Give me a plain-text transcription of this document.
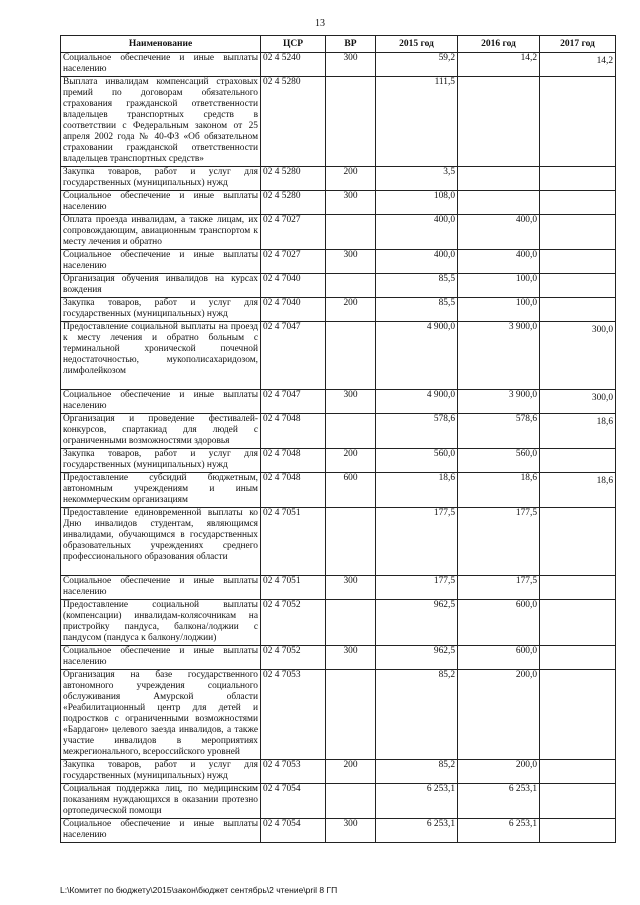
13
Наименование	ЦСР	ВР	2015 год	2016 год	2017 год
Социальное обеспечение и иные выплаты населению	02 4 5240	300	59,2	14,2	14,2

Выплата инвалидам компенсаций страховых премий по договорам обязательного страхования гражданской ответственности владельцев транспортных средств в соответствии с Федеральным законом от 25 апреля 2002 года № 40-ФЗ «Об обязательном страховании гражданской ответственности владельцев транспортных средств»	02 4 5280		111,5		

Закупка товаров, работ и услуг для государственных (муниципальных) нужд	02 4 5280	200	3,5		

Социальное обеспечение и иные выплаты населению	02 4 5280	300	108,0		

Оплата проезда инвалидам, а также лицам, их сопровождающим, авиационным транспортом к месту лечения и обратно	02 4 7027		400,0	400,0	

Социальное обеспечение и иные выплаты населению	02 4 7027	300	400,0	400,0	

Организация обучения инвалидов на курсах вождения	02 4 7040		85,5	100,0	

Закупка товаров, работ и услуг для государственных (муниципальных) нужд	02 4 7040	200	85,5	100,0	

Предоставление социальной выплаты на проезд к месту лечения и обратно больным с терминальной хронической почечной недостаточностью, мукополисахаридозом, лимфолейкозом	02 4 7047		4 900,0	3 900,0	300,0

Социальное обеспечение и иные выплаты населению	02 4 7047	300	4 900,0	3 900,0	300,0

Организация и проведение фестивалей-конкурсов, спартакиад для людей с ограниченными возможностями здоровья	02 4 7048		578,6	578,6	18,6

Закупка товаров, работ и услуг для государственных (муниципальных) нужд	02 4 7048	200	560,0	560,0	

Предоставление субсидий бюджетным, автономным учреждениям и иным некоммерческим организациям	02 4 7048	600	18,6	18,6	18,6

Предоставление единовременной выплаты ко Дню инвалидов студентам, являющимся инвалидами, обучающимся в государственных образовательных учреждениях среднего профессионального образования области	02 4 7051		177,5	177,5	

Социальное обеспечение и иные выплаты населению	02 4 7051	300	177,5	177,5	

Предоставление социальной выплаты (компенсации) инвалидам-колясочникам на пристройку пандуса, балкона/лоджии с пандусом (пандуса к балкону/лоджии)	02 4 7052		962,5	600,0	

Социальное обеспечение и иные выплаты населению	02 4 7052	300	962,5	600,0	

Организация на базе государственного автономного учреждения социального обслуживания Амурской области «Реабилитационный центр для детей и подростков с ограниченными возможностями «Бардагон» целевого заезда инвалидов, а также участие инвалидов в мероприятиях межрегионального, всероссийского уровней	02 4 7053		85,2	200,0	

Закупка товаров, работ и услуг для государственных (муниципальных) нужд	02 4 7053	200	85,2	200,0	

Социальная поддержка лиц, по медицинским показаниям нуждающихся в оказании протезно ортопедической помощи	02 4 7054		6 253,1	6 253,1	

Социальное обеспечение и иные выплаты населению	02 4 7054	300	6 253,1	6 253,1	
L:\Комитет по бюджету\2015\закон\бюджет сентябрь\2 чтение\pril 8 ГП
